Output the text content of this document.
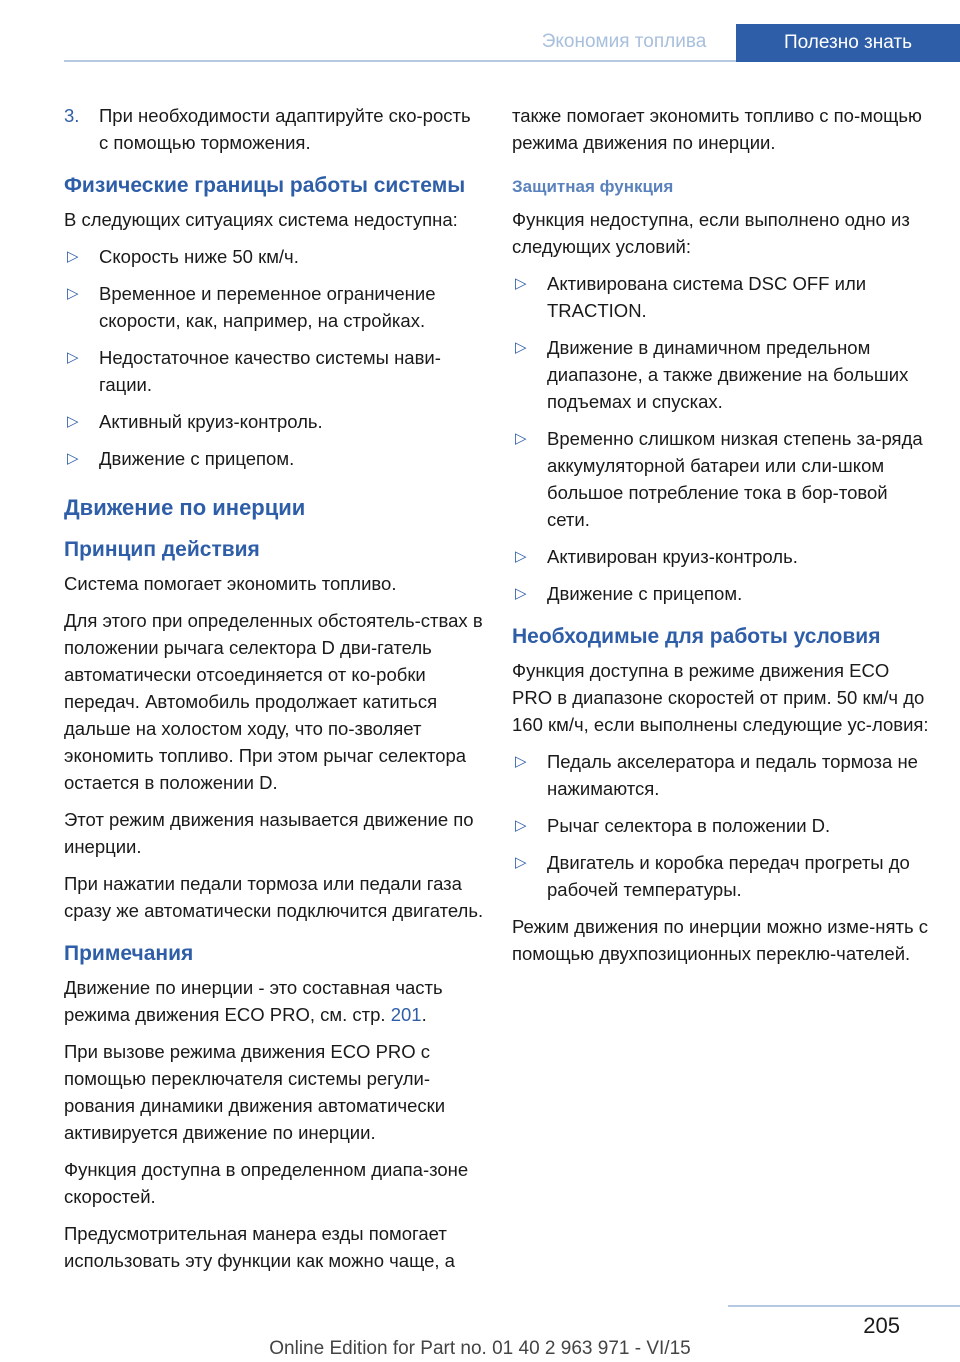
Экономия топлива	Полезно знать
3. При необходимости адаптируйте ско-рость с помощью торможения.
Физические границы работы системы

В следующих ситуациях система недоступна:

▷ Скорость ниже 50 км/ч.
▷ Временное и переменное ограничение скорости, как, например, на стройках.
▷ Недостаточное качество системы нави-гации.
▷ Активный круиз-контроль.
▷ Движение с прицепом.
Движение по инерции
Принцип действия

Система помогает экономить топливо.

Для этого при определенных обстоятель-ствах в положении рычага селектора D дви-гатель автоматически отсоединяется от ко-робки передач. Автомобиль продолжает катиться дальше на холостом ходу, что по-зволяет экономить топливо. При этом рычаг селектора остается в положении D.

Этот режим движения называется движение по инерции.

При нажатии педали тормоза или педали газа сразу же автоматически подключится двигатель.

Примечания

Движение по инерции - это составная часть режима движения ECO PRO, см. стр. 201.

При вызове режима движения ECO PRO с помощью переключателя системы регули-рования динамики движения автоматически активируется движение по инерции.

Функция доступна в определенном диапа-зоне скоростей.

Предусмотрительная манера езды помогает использовать эту функции как можно чаще, а

также помогает экономить топливо с по-мощью режима движения по инерции.

Защитная функция

Функция недоступна, если выполнено одно из следующих условий:

▷ Активирована система DSC OFF или TRACTION.
▷ Движение в динамичном предельном диапазоне, а также движение на больших подъемах и спусках.
▷ Временно слишком низкая степень за-ряда аккумуляторной батареи или сли-шком большое потребление тока в бор-товой сети.
▷ Активирован круиз-контроль.
▷ Движение с прицепом.
Необходимые для работы условия

Функция доступна в режиме движения ECO PRO в диапазоне скоростей от прим. 50 км/ч до 160 км/ч, если выполнены следующие ус-ловия:

▷ Педаль акселератора и педаль тормоза не нажимаются.
▷ Рычаг селектора в положении D.
▷ Двигатель и коробка передач прогреты до рабочей температуры.

Режим движения по инерции можно изме-нять с помощью двухпозиционных переклю-чателей.

205
Online Edition for Part no. 01 40 2 963 971 - VI/15
